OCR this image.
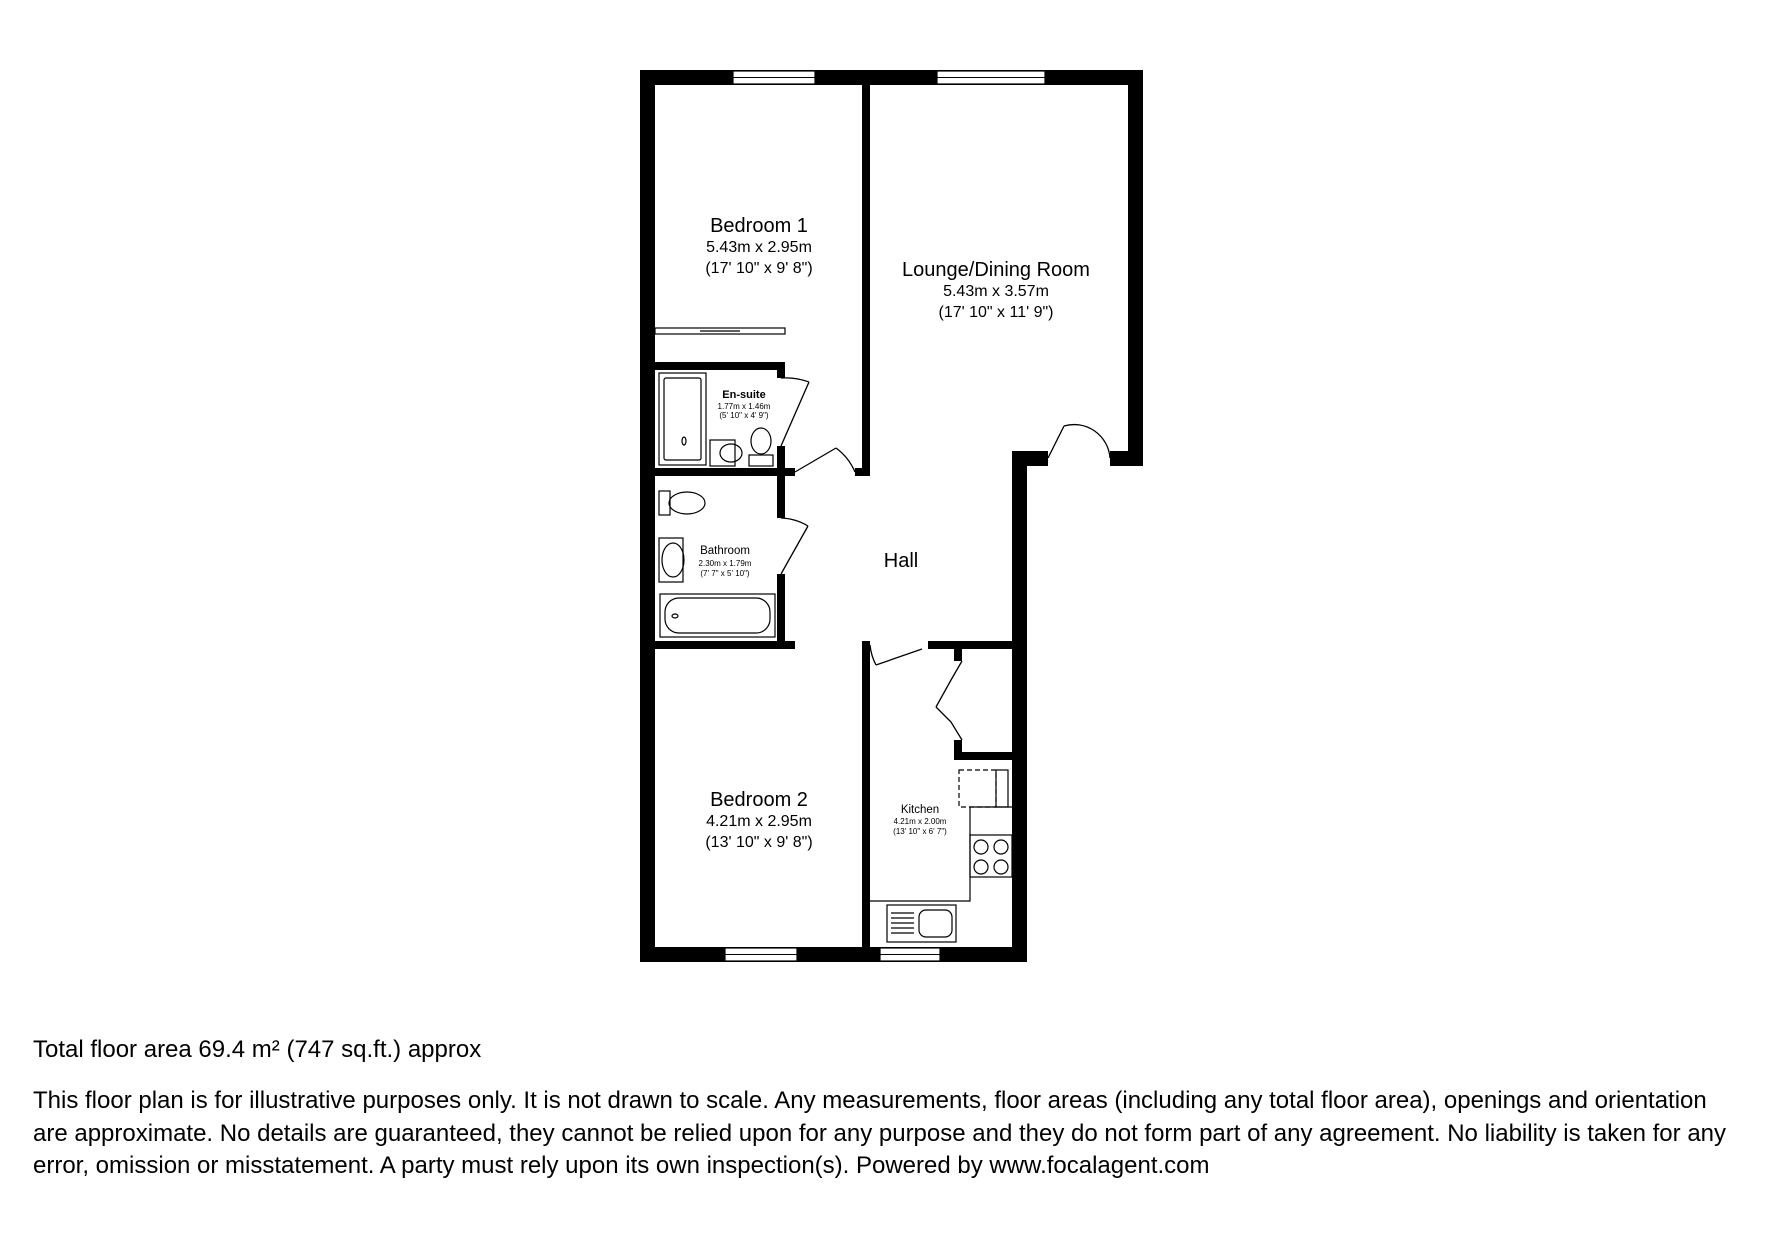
Bedroom 1
5.43m x 2.95m
(17' 10" x 9' 8")	Lounge/Dining Room
5.43m x 3.57m
(17' 10" x 11' 9")
En-suite
1.77m x 1.46m
(5' 10" x 4' 9")
Bathroom
2.30m x 1.79m
(7' 7" x 5' 10")
Hall
Bedroom 2
4.21m x 2.95m
(13' 10" x 9' 8")
Kitchen
4.21m x 2.00m
(13' 10" x 6' 7")
Total floor area 69.4 m² (747 sq.ft.) approx
This floor plan is for illustrative purposes only. It is not drawn to scale. Any measurements, floor areas (including any total floor area), openings and orientation are approximate. No details are guaranteed, they cannot be relied upon for any purpose and they do not form part of any agreement. No liability is taken for any error, omission or misstatement. A party must rely upon its own inspection(s). Powered by www.focalagent.com
